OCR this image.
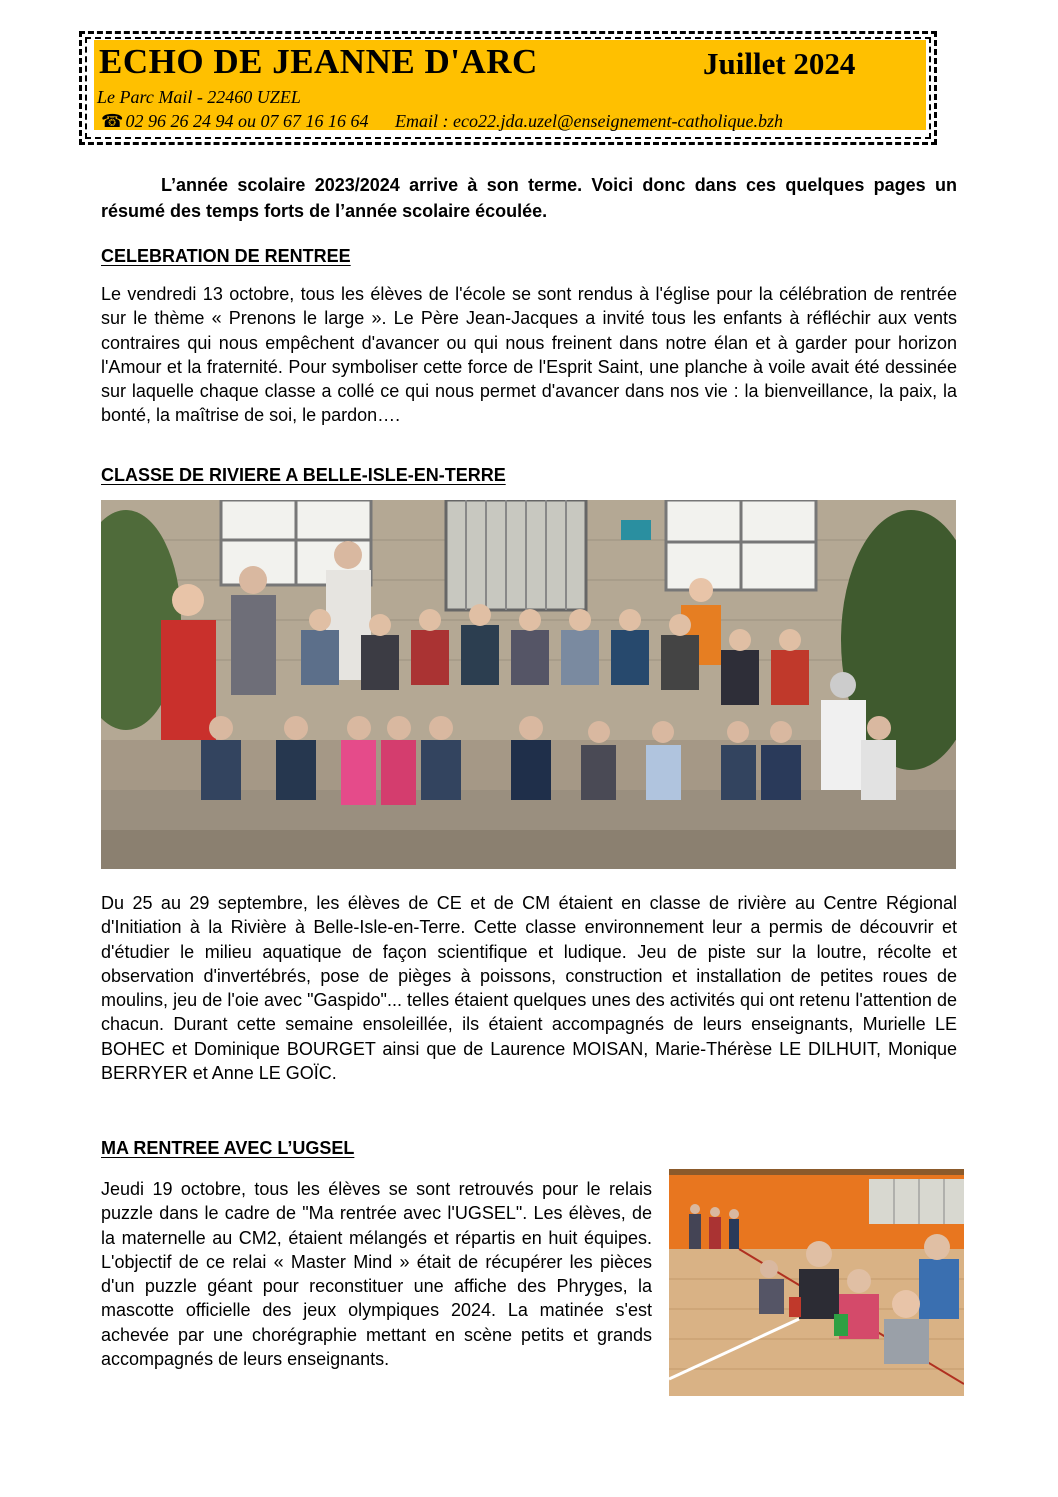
ECHO DE JEANNE D'ARC	Juillet 2024
Le Parc Mail - 22460 UZEL
☎ 02 96 26 24 94 ou 07 67 16 16 64 Email : eco22.jda.uzel@enseignement-catholique.bzh
L’année scolaire 2023/2024 arrive à son terme. Voici donc dans ces quelques pages un résumé des temps forts de l’année scolaire écoulée.
CELEBRATION DE RENTREE
Le vendredi 13 octobre, tous les élèves de l'école se sont rendus à l'église pour la célébration de rentrée sur le thème « Prenons le large ». Le Père Jean-Jacques a invité tous les enfants à réfléchir aux vents contraires qui nous empêchent d'avancer ou qui nous freinent dans notre élan et à garder pour horizon l'Amour et la fraternité. Pour symboliser cette force de l'Esprit Saint, une planche à voile avait été dessinée sur laquelle chaque classe a collé ce qui nous permet d'avancer dans nos vie : la bienveillance, la paix, la bonté, la maîtrise de soi, le pardon….
CLASSE DE RIVIERE A BELLE-ISLE-EN-TERRE
Du 25 au 29 septembre, les élèves de CE et de CM étaient en classe de rivière au Centre Régional d'Initiation à la Rivière à Belle-Isle-en-Terre. Cette classe environnement leur a permis de découvrir et d'étudier le milieu aquatique de façon scientifique et ludique. Jeu de piste sur la loutre, récolte et observation d'invertébrés, pose de pièges à poissons, construction et installation de petites roues de moulins, jeu de l'oie avec "Gaspido"... telles étaient quelques unes des activités qui ont retenu l'attention de chacun. Durant cette semaine ensoleillée, ils étaient accompagnés de leurs enseignants, Murielle LE BOHEC et Dominique BOURGET ainsi que de Laurence MOISAN, Marie-Thérèse LE DILHUIT, Monique BERRYER et Anne LE GOÏC.
MA RENTREE AVEC L’UGSEL
Jeudi 19 octobre, tous les élèves se sont retrouvés pour le relais puzzle dans le cadre de "Ma rentrée avec l'UGSEL". Les élèves, de la maternelle au CM2, étaient mélangés et répartis en huit équipes. L'objectif de ce relai « Master Mind » était de récupérer les pièces d'un puzzle géant pour reconstituer une affiche des Phryges, la mascotte officielle des jeux olympiques 2024. La matinée s'est achevée par une chorégraphie mettant en scène petits et grands accompagnés de leurs enseignants.
